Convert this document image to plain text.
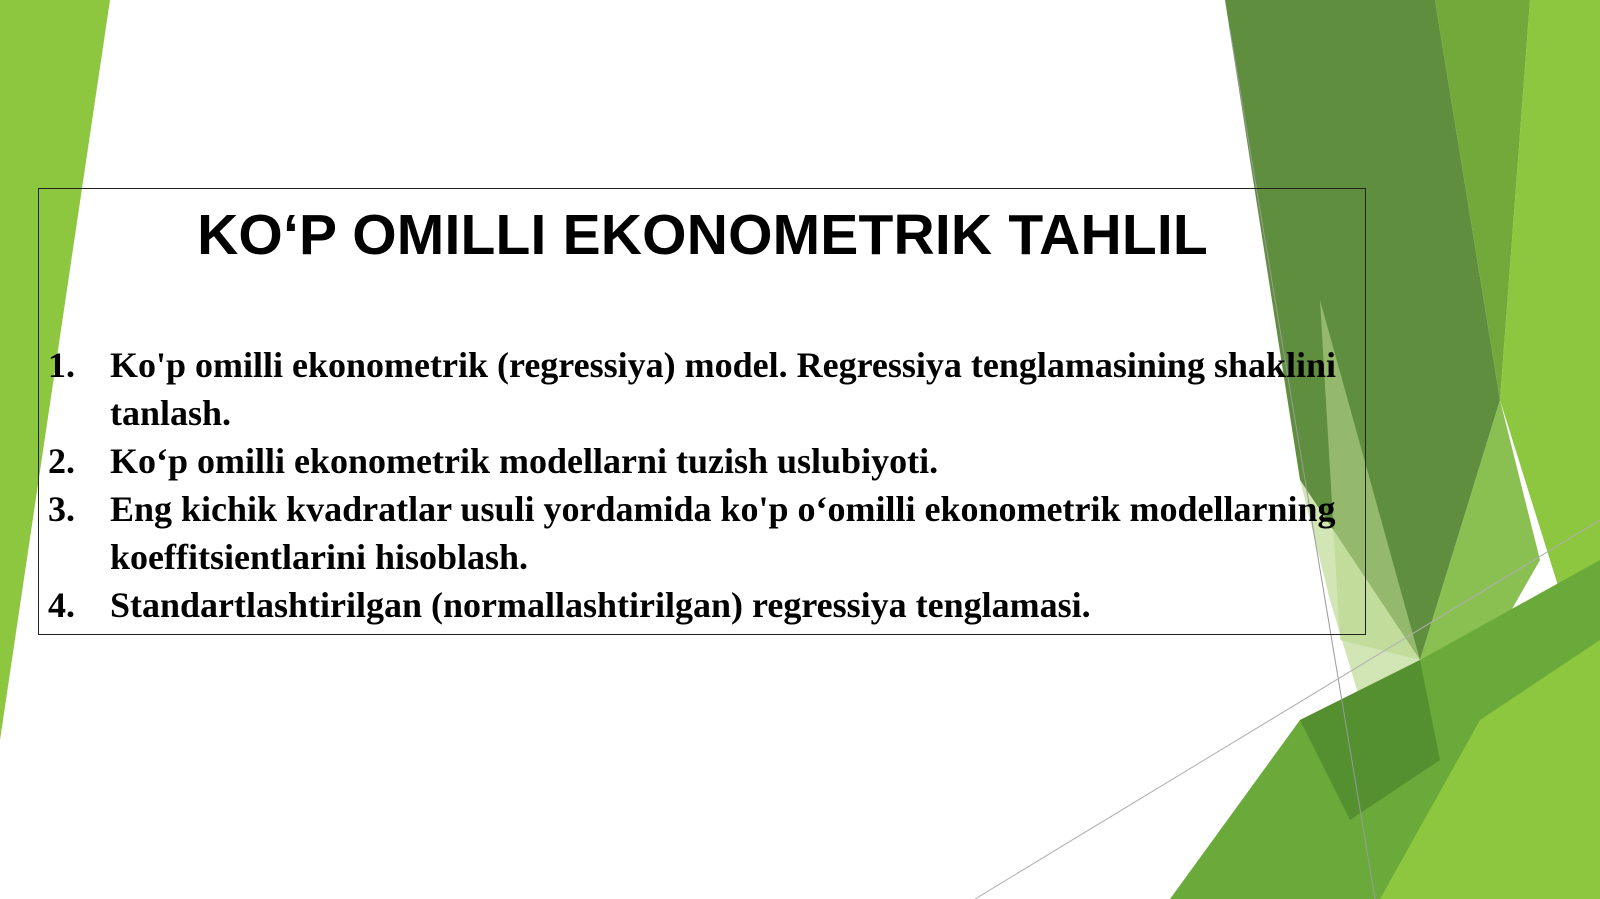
KO‘P OMILLI EKONOMETRIK TAHLIL
1. Ko'p omilli ekonometrik (regressiya) model. Regressiya tenglamasining shaklini tanlash.
2. Ko‘p omilli ekonometrik modellarni tuzish uslubiyoti.
3. Eng kichik kvadratlar usuli yordamida ko'p o‘omilli ekonometrik modellarning koeffitsientlarini hisoblash.
4. Standartlashtirilgan (normallashtirilgan) regressiya tenglamasi.
